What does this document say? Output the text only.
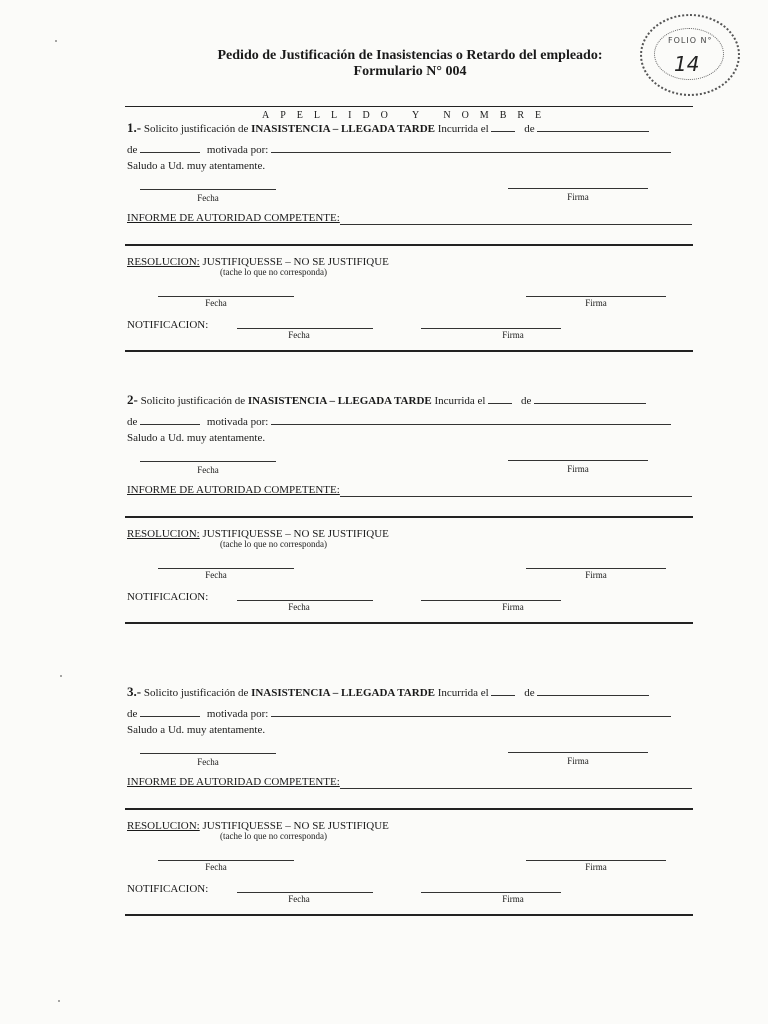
Pedido de Justificación de Inasistencias o Retardo del empleado:
Formulario N° 004
FOLIO N°
14
APELLIDO Y NOMBRE
1.- Solicito justificación de INASISTENCIA – LLEGADA TARDE Incurrida el	de
de	motivada por:
Saludo a Ud. muy atentamente.
Fecha	Firma
INFORME DE AUTORIDAD COMPETENTE:
RESOLUCION: JUSTIFIQUESSE – NO SE JUSTIFIQUE
(tache lo que no corresponda)
Fecha	Firma
NOTIFICACION:
Fecha	Firma
2- Solicito justificación de INASISTENCIA – LLEGADA TARDE Incurrida el	de
de	motivada por:
Saludo a Ud. muy atentamente.
Fecha	Firma
INFORME DE AUTORIDAD COMPETENTE:
RESOLUCION: JUSTIFIQUESSE – NO SE JUSTIFIQUE
(tache lo que no corresponda)
Fecha	Firma
NOTIFICACION:
Fecha	Firma
3.- Solicito justificación de INASISTENCIA – LLEGADA TARDE Incurrida el	de
de	motivada por:
Saludo a Ud. muy atentamente.
Fecha	Firma
INFORME DE AUTORIDAD COMPETENTE:
RESOLUCION: JUSTIFIQUESSE – NO SE JUSTIFIQUE
(tache lo que no corresponda)
Fecha	Firma
NOTIFICACION:
Fecha	Firma
